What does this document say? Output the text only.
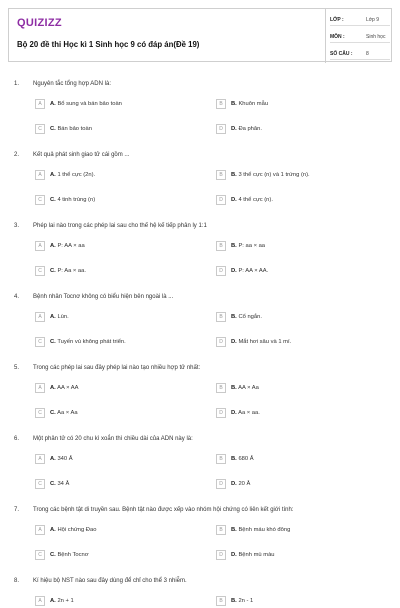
QUIZIZZ
Bộ 20 đề thi Học kì 1 Sinh học 9 có đáp án(Đề 19)
LỚP :	Lớp 9
MÔN :	Sinh học
SỐ CÂU :	8
1. Nguyên tắc tổng hợp ADN là:
A	A. Bổ sung và bán bảo toàn	B	B. Khuôn mẫu
C	C. Bán bảo toàn	D	D. Đa phân.
2. Kết quả phát sinh giao tử cái gồm ...
A	A. 1 thể cực (2n).	B	B. 3 thể cực (n) và 1 trứng (n).
C	C. 4 tinh trùng (n)	D	D. 4 thể cực (n).
3. Phép lai nào trong các phép lai sau cho thế hệ kế tiếp phân ly 1:1
A	A. P: AA × aa	B	B. P: aa × aa
C	C. P: Aa × aa.	D	D. P: AA × AA.
4. Bệnh nhân Tocnơ không có biểu hiện bên ngoài là ...
A	A. Lùn.	B	B. Cổ ngắn.
C	C. Tuyến vú không phát triển.	D	D. Mắt hơi sâu và 1 mí.
5. Trong các phép lai sau đây phép lai nào tạo nhiều hợp tử nhất:
A	A. AA × AA	B	B. AA × Aa
C	C. Aa × Aa	D	D. Aa × aa.
6. Một phân tử có 20 chu kì xoắn thì chiều dài của ADN này là:
A	A. 340 Å	B	B. 680 Å
C	C. 34 Å	D	D. 20 Å
7. Trong các bệnh tật di truyền sau. Bệnh tật nào được xếp vào nhóm hội chứng có liên kết giới tính:
A	A. Hội chứng Đao	B	B. Bệnh máu khó đông
C	C. Bệnh Tocnơ	D	D. Bệnh mù màu
8. Kí hiệu bộ NST nào sau đây dùng để chỉ cho thể 3 nhiễm.
A	A. 2n + 1	B	B. 2n - 1
